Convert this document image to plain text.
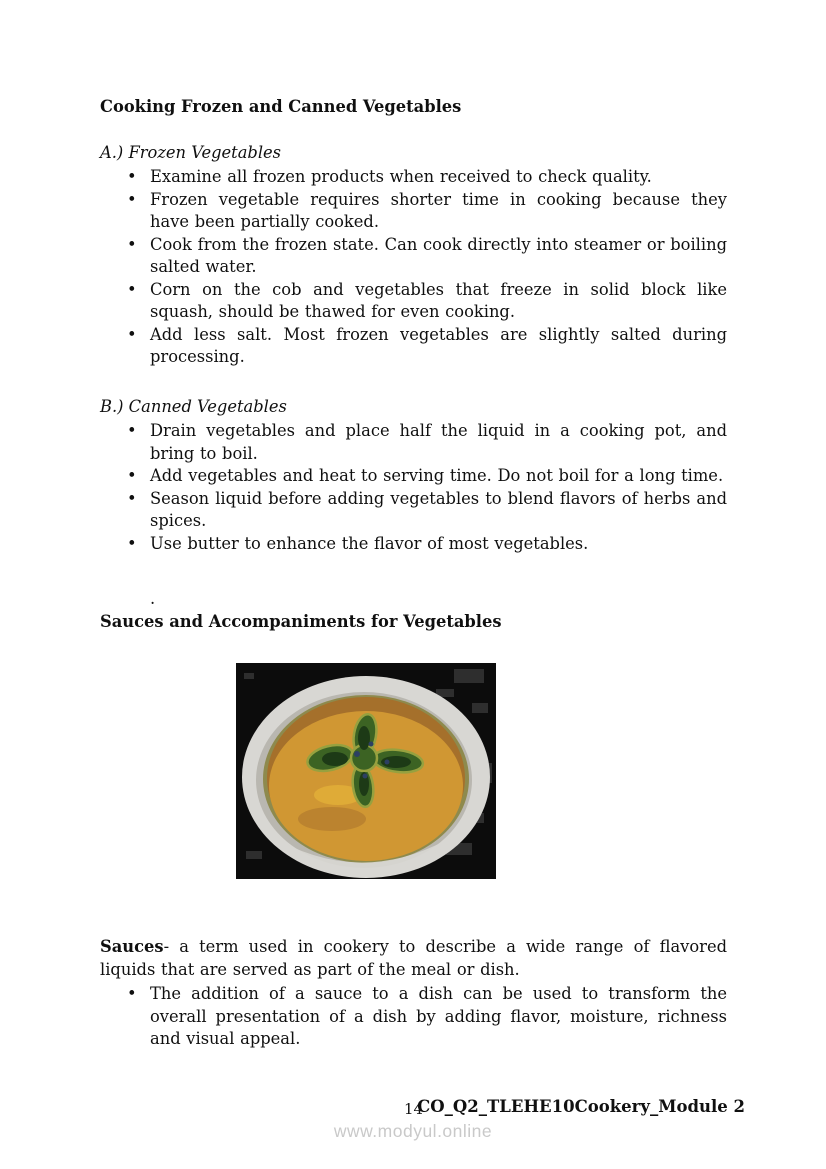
Cooking Frozen and Canned Vegetables

A.) Frozen Vegetables

• Examine all frozen products when received to check quality.
• Frozen vegetable requires shorter time in cooking because they have been partially cooked.
• Cook from the frozen state. Can cook directly into steamer or boiling salted water.
• Corn on the cob and vegetables that freeze in solid block like squash, should be thawed for even cooking.
• Add less salt. Most frozen vegetables are slightly salted during processing.

B.) Canned Vegetables

• Drain vegetables and place half the liquid in a cooking pot, and bring to boil.
• Add vegetables and heat to serving time. Do not boil for a long time.
• Season liquid before adding vegetables to blend flavors of herbs and spices.
• Use butter to enhance the flavor of most vegetables.

.

Sauces and Accompaniments for Vegetables

Sauces- a term used in cookery to describe a wide range of flavored liquids that are served as part of the meal or dish.

• The addition of a sauce to a dish can be used to transform the overall presentation of a dish by adding flavor, moisture, richness and visual appeal.
14
CO_Q2_TLEHE10Cookery_Module 2
www.modyul.online
